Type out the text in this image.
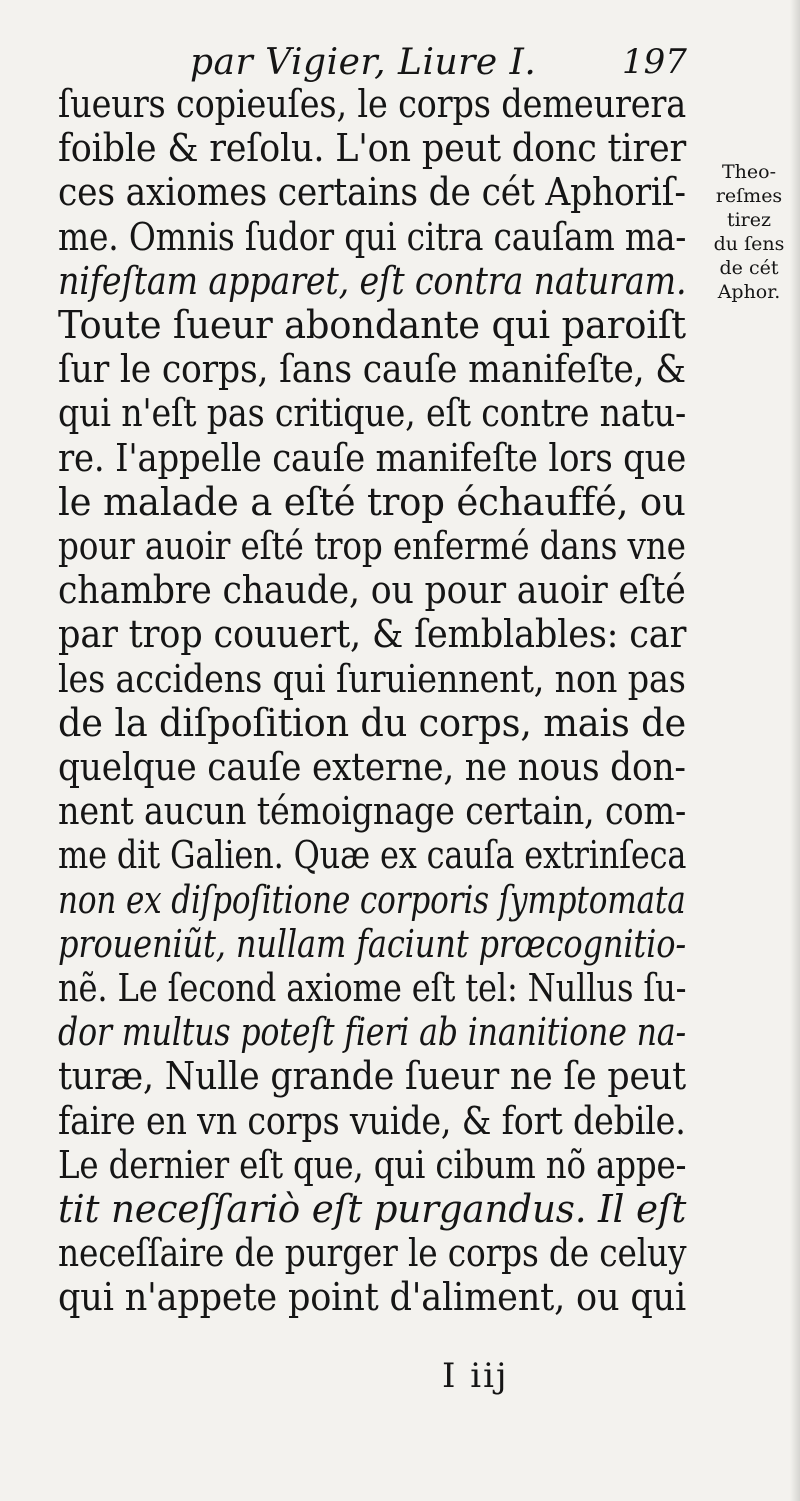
par Vigier, Liure I.	197
ſueurs copieuſes, le corps demeurera
foible & reſolu. L'on peut donc tirer
ces axiomes certains de cét Aphoriſ-
me. Omnis ſudor qui citra cauſam ma-
nifeſtam apparet, eſt contra naturam.
Toute ſueur abondante qui paroiſt
ſur le corps, ſans cauſe manifeſte, &
qui n'eſt pas critique, eſt contre natu-
re. I'appelle cauſe manifeſte lors que
le malade a eſté trop échauffé, ou
pour auoir eſté trop enfermé dans vne
chambre chaude, ou pour auoir eſté
par trop couuert, & ſemblables: car
les accidens qui ſuruiennent, non pas
de la diſpoſition du corps, mais de
quelque cauſe externe, ne nous don-
nent aucun témoignage certain, com-
me dit Galien. Quæ ex cauſa extrinſeca
non ex diſpoſitione corporis ſymptomata
proueniũt, nullam faciunt prœcognitio-
nẽ. Le ſecond axiome eſt tel: Nullus ſu-
dor multus poteſt fieri ab inanitione na-
turæ, Nulle grande ſueur ne ſe peut
faire en vn corps vuide, & fort debile.
Le dernier eſt que, qui cibum nõ appe-
tit neceſſariò eſt purgandus. Il eſt
neceſſaire de purger le corps de celuy
qui n'appete point d'aliment, ou qui
Theo-
reſmes
tirez
du ſens
de cét
Aphor.
I iij
